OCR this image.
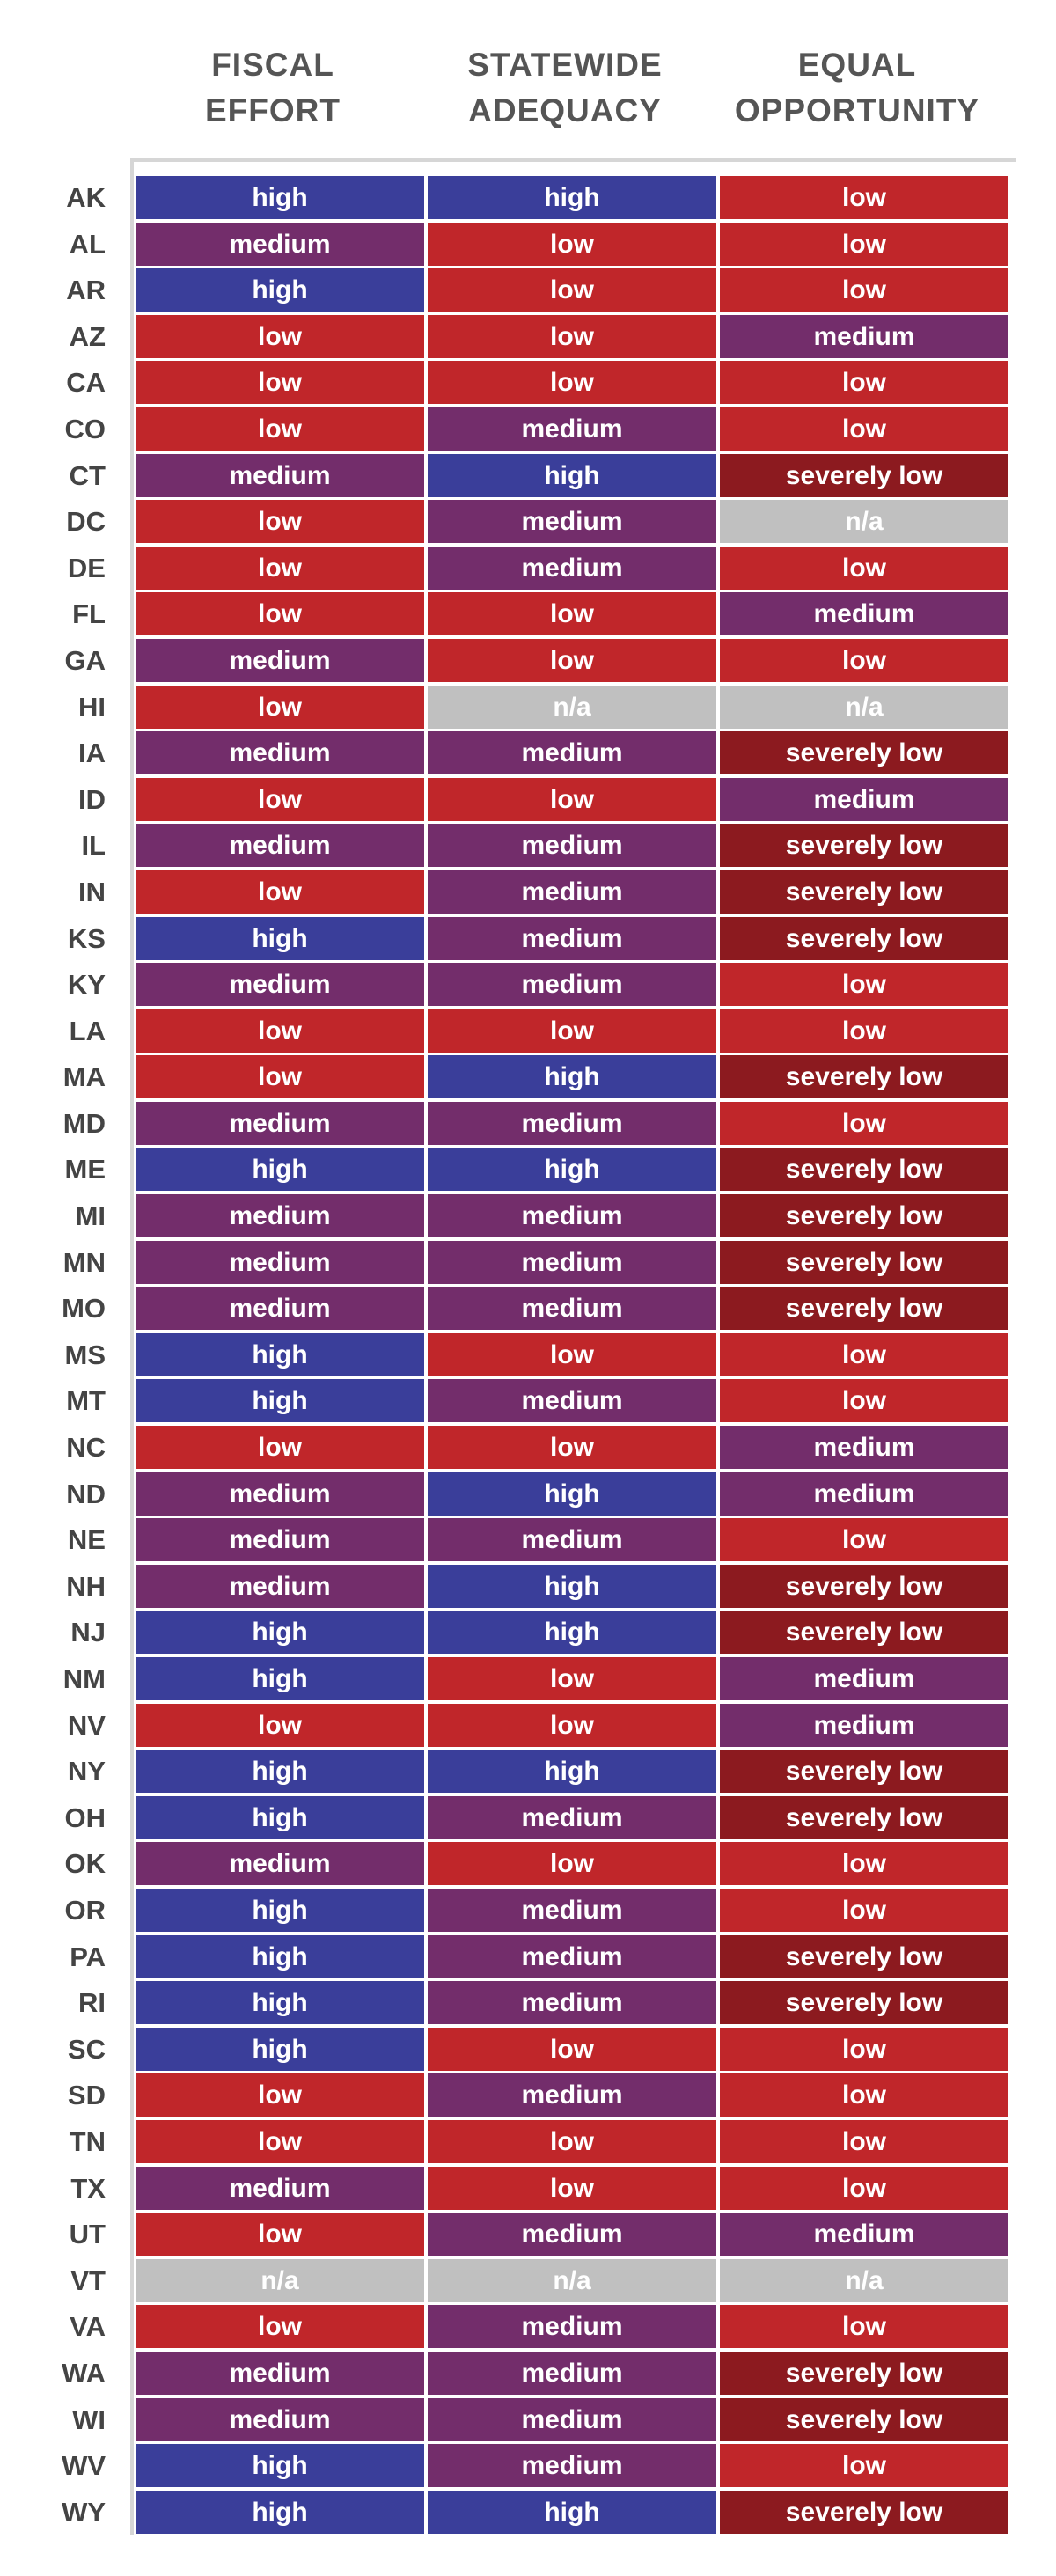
FISCAL
EFFORT
STATEWIDE
ADEQUACY
EQUAL
OPPORTUNITY
AK	high	high	low
AL	medium	low	low
AR	high	low	low
AZ	low	low	medium
CA	low	low	low
CO	low	medium	low
CT	medium	high	severely low
DC	low	medium	n/a
DE	low	medium	low
FL	low	low	medium
GA	medium	low	low
HI	low	n/a	n/a
IA	medium	medium	severely low
ID	low	low	medium
IL	medium	medium	severely low
IN	low	medium	severely low
KS	high	medium	severely low
KY	medium	medium	low
LA	low	low	low
MA	low	high	severely low
MD	medium	medium	low
ME	high	high	severely low
MI	medium	medium	severely low
MN	medium	medium	severely low
MO	medium	medium	severely low
MS	high	low	low
MT	high	medium	low
NC	low	low	medium
ND	medium	high	medium
NE	medium	medium	low
NH	medium	high	severely low
NJ	high	high	severely low
NM	high	low	medium
NV	low	low	medium
NY	high	high	severely low
OH	high	medium	severely low
OK	medium	low	low
OR	high	medium	low
PA	high	medium	severely low
RI	high	medium	severely low
SC	high	low	low
SD	low	medium	low
TN	low	low	low
TX	medium	low	low
UT	low	medium	medium
VT	n/a	n/a	n/a
VA	low	medium	low
WA	medium	medium	severely low
WI	medium	medium	severely low
WV	high	medium	low
WY	high	high	severely low
